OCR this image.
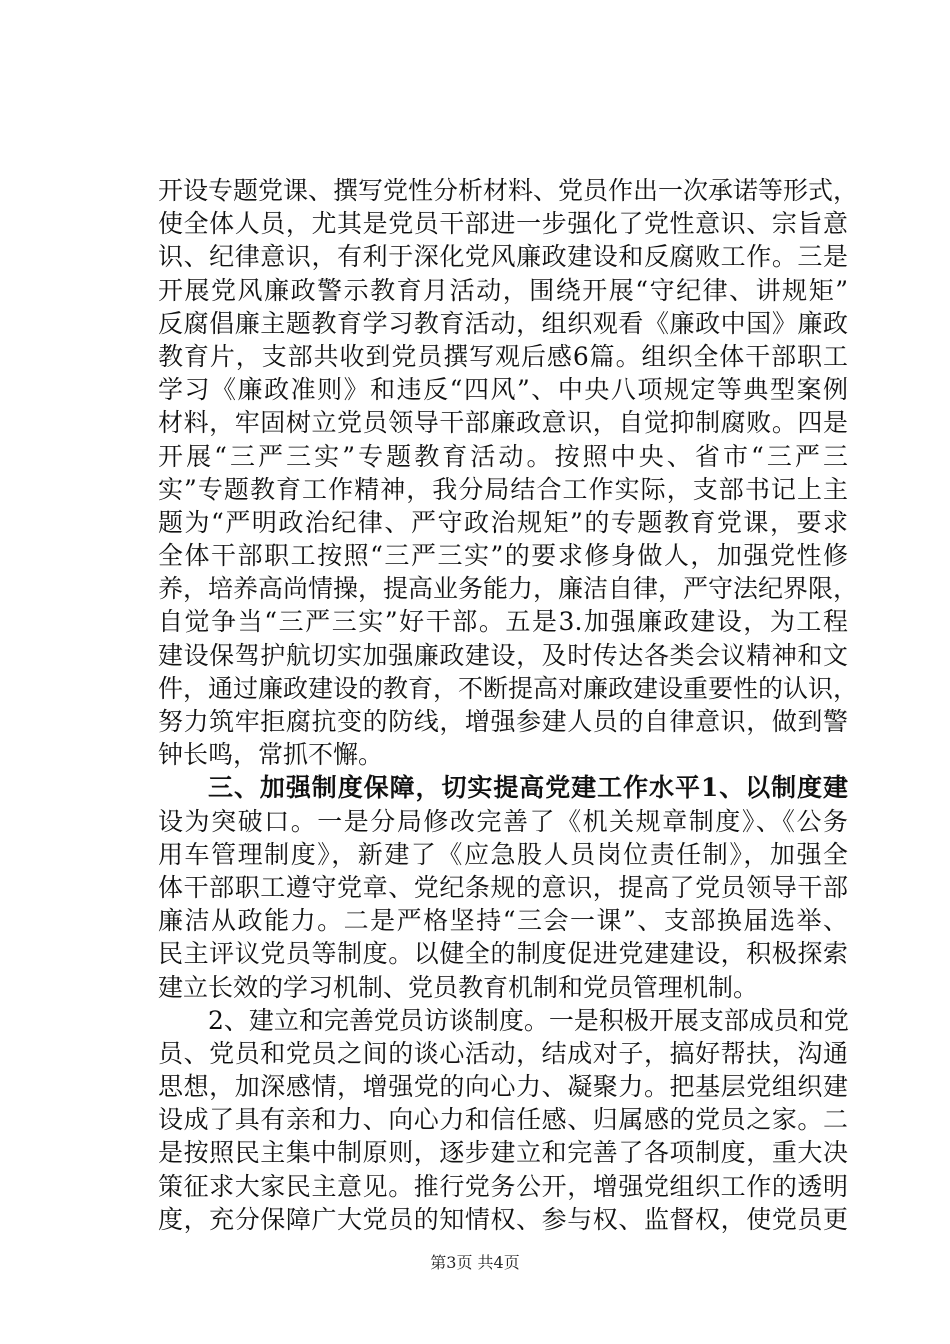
开设专题党课、撰写党性分析材料、党员作出一次承诺等形式，
使全体人员，尤其是党员干部进一步强化了党性意识、宗旨意
识、纪律意识，有利于深化党风廉政建设和反腐败工作。三是
开展党风廉政警示教育月活动，围绕开展“守纪律、讲规矩”
反腐倡廉主题教育学习教育活动，组织观看《廉政中国》廉政
教育片，支部共收到党员撰写观后感6篇。组织全体干部职工
学习《廉政准则》和违反“四风”、中央八项规定等典型案例
材料，牢固树立党员领导干部廉政意识，自觉抑制腐败。四是
开展“三严三实”专题教育活动。按照中央、省市“三严三
实”专题教育工作精神，我分局结合工作实际，支部书记上主
题为“严明政治纪律、严守政治规矩”的专题教育党课，要求
全体干部职工按照“三严三实”的要求修身做人，加强党性修
养，培养高尚情操，提高业务能力，廉洁自律，严守法纪界限，
自觉争当“三严三实”好干部。五是3.加强廉政建设，为工程
建设保驾护航切实加强廉政建设，及时传达各类会议精神和文
件，通过廉政建设的教育，不断提高对廉政建设重要性的认识，
努力筑牢拒腐抗变的防线，增强参建人员的自律意识，做到警
钟长鸣，常抓不懈。
三、加强制度保障，切实提高党建工作水平1、以制度建
设为突破口。一是分局修改完善了《机关规章制度》、《公务
用车管理制度》，新建了《应急股人员岗位责任制》，加强全
体干部职工遵守党章、党纪条规的意识，提高了党员领导干部
廉洁从政能力。二是严格坚持“三会一课”、支部换届选举、
民主评议党员等制度。以健全的制度促进党建建设，积极探索
建立长效的学习机制、党员教育机制和党员管理机制。
2、建立和完善党员访谈制度。一是积极开展支部成员和党
员、党员和党员之间的谈心活动，结成对子，搞好帮扶，沟通
思想，加深感情，增强党的向心力、凝聚力。把基层党组织建
设成了具有亲和力、向心力和信任感、归属感的党员之家。二
是按照民主集中制原则，逐步建立和完善了各项制度，重大决
策征求大家民主意见。推行党务公开，增强党组织工作的透明
度，充分保障广大党员的知情权、参与权、监督权，使党员更
第3页 共4页
